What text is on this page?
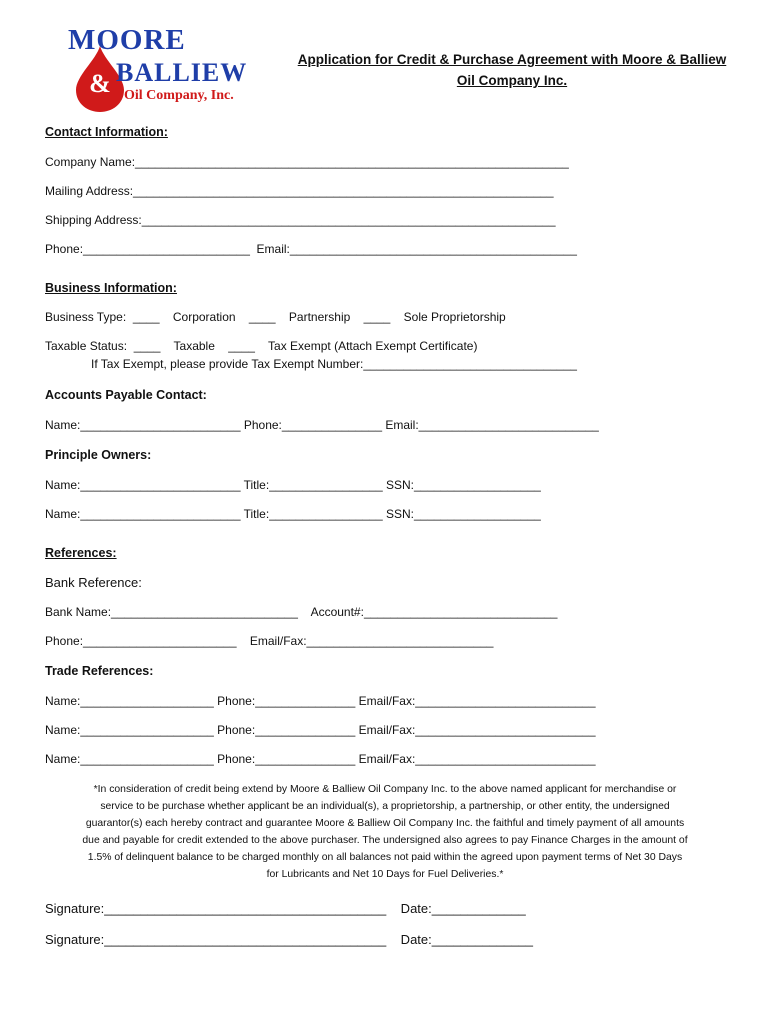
MOORE
& BALLIEW
Oil Company, Inc.
Application for Credit & Purchase Agreement with Moore & Balliew Oil Company Inc.
Contact Information:
Company Name:_________________________________________________________________
Mailing Address:_______________________________________________________________
Shipping Address:______________________________________________________________
Phone:_________________________  Email:___________________________________________
Business Information:
Business Type:  ____    Corporation    ____    Partnership    ____    Sole Proprietorship
Taxable Status:  ____    Taxable    ____    Tax Exempt (Attach Exempt Certificate)
If Tax Exempt, please provide Tax Exempt Number:________________________________
Accounts Payable Contact:
Name:________________________ Phone:_______________ Email:___________________________
Principle Owners:
Name:________________________ Title:_________________ SSN:___________________
Name:________________________ Title:_________________ SSN:___________________
References:
Bank Reference:
Bank Name:____________________________    Account#:_____________________________
Phone:_______________________    Email/Fax:____________________________
Trade References:
Name:____________________ Phone:_______________ Email/Fax:___________________________
Name:____________________ Phone:_______________ Email/Fax:___________________________
Name:____________________ Phone:_______________ Email/Fax:___________________________
*In consideration of credit being extend by Moore & Balliew Oil Company Inc. to the above named applicant for merchandise or
service to be purchase whether applicant be an individual(s), a proprietorship, a partnership, or other entity, the undersigned
guarantor(s) each hereby contract and guarantee Moore & Balliew Oil Company Inc. the faithful and timely payment of all amounts
due and payable for credit extended to the above purchaser. The undersigned also agrees to pay Finance Charges in the amount of
1.5% of delinquent balance to be charged monthly on all balances not paid within the agreed upon payment terms of Net 30 Days
for Lubricants and Net 10 Days for Fuel Deliveries.*
Signature:_______________________________________    Date:_____________
Signature:_______________________________________    Date:______________
